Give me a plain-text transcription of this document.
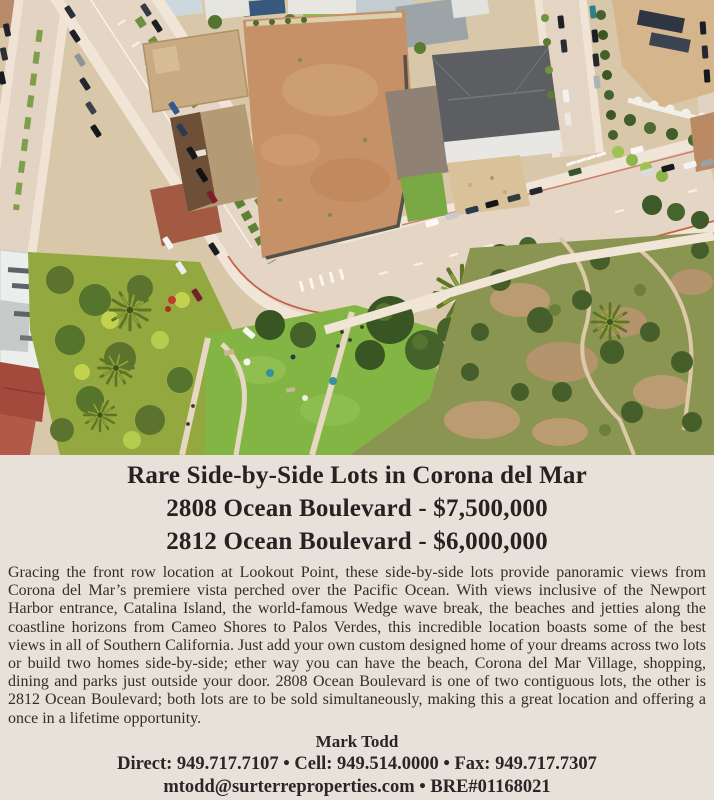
Rare Side-by-Side Lots in Corona del Mar
2808 Ocean Boulevard - $7,500,000
2812 Ocean Boulevard - $6,000,000

Gracing the front row location at Lookout Point, these side-by-side lots provide panoramic views from Corona del Mar’s premiere vista perched over the Pacific Ocean. With views inclusive of the Newport Harbor entrance, Catalina Island, the world-famous Wedge wave break, the beaches and jetties along the coastline horizons from Cameo Shores to Palos Verdes, this incredible location boasts some of the best views in all of Southern California. Just add your own custom designed home of your dreams across two lots or build two homes side-by-side; ether way you can have the beach, Corona del Mar Village, shopping, dining and parks just outside your door. 2808 Ocean Boulevard is one of two contiguous lots, the other is 2812 Ocean Boulevard; both lots are to be sold simultaneously, making this a great location and offering a once in a lifetime opportunity.

Mark Todd
Direct: 949.717.7107 • Cell: 949.514.0000 • Fax: 949.717.7307
mtodd@surterreproperties.com • BRE#01168021
